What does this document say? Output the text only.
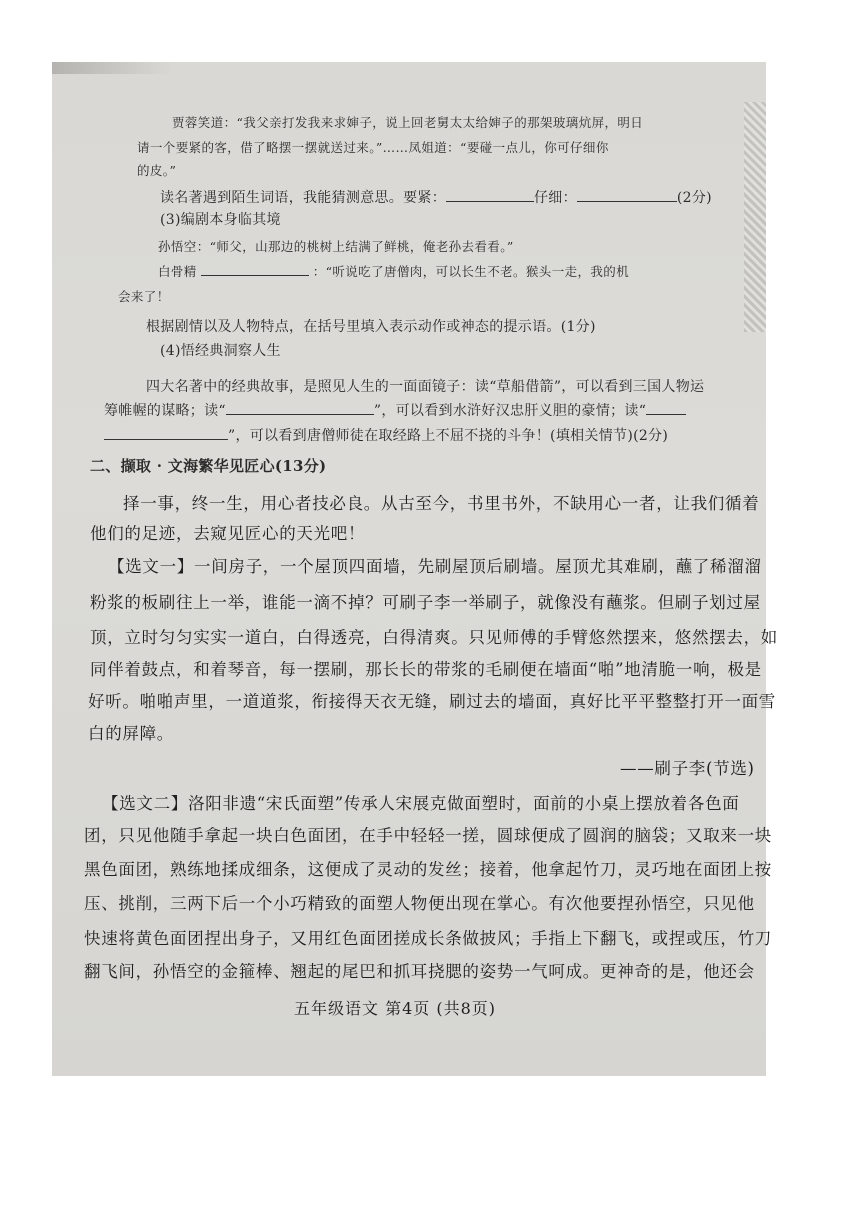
贾蓉笑道：“我父亲打发我来求婶子，说上回老舅太太给婶子的那架玻璃炕屏，明日
请一个要紧的客，借了略摆一摆就送过来。”……凤姐道：“要碰一点儿，你可仔细你
的皮。”
读名著遇到陌生词语，我能猜测意思。要紧：	仔细：	(2分)
(3)编剧本身临其境
孙悟空：“师父，山那边的桃树上结满了鲜桃，俺老孙去看看。”
白骨精	：“听说吃了唐僧肉，可以长生不老。猴头一走，我的机
会来了！
根据剧情以及人物特点，在括号里填入表示动作或神态的提示语。(1分)
(4)悟经典洞察人生
四大名著中的经典故事，是照见人生的一面面镜子：读“草船借箭”，可以看到三国人物运
筹帷幄的谋略；读“	”，可以看到水浒好汉忠肝义胆的豪情；读“
”，可以看到唐僧师徒在取经路上不屈不挠的斗争！(填相关情节)(2分)
二、撷取 · 文海繁华见匠心(13分)
择一事，终一生，用心者技必良。从古至今，书里书外，不缺用心一者，让我们循着
他们的足迹，去窥见匠心的天光吧！
【选文一】一间房子，一个屋顶四面墙，先刷屋顶后刷墙。屋顶尤其难刷，蘸了稀溜溜
粉浆的板刷往上一举，谁能一滴不掉？可刷子李一举刷子，就像没有蘸浆。但刷子划过屋
顶，立时匀匀实实一道白，白得透亮，白得清爽。只见师傅的手臂悠然摆来，悠然摆去，如
同伴着鼓点，和着琴音，每一摆刷，那长长的带浆的毛刷便在墙面“啪”地清脆一响，极是
好听。啪啪声里，一道道浆，衔接得天衣无缝，刷过去的墙面，真好比平平整整打开一面雪
白的屏障。
——刷子李(节选)
【选文二】洛阳非遗“宋氏面塑”传承人宋展克做面塑时，面前的小桌上摆放着各色面
团，只见他随手拿起一块白色面团，在手中轻轻一搓，圆球便成了圆润的脑袋；又取来一块
黑色面团，熟练地揉成细条，这便成了灵动的发丝；接着，他拿起竹刀，灵巧地在面团上按
压、挑削，三两下后一个小巧精致的面塑人物便出现在掌心。有次他要捏孙悟空，只见他
快速将黄色面团捏出身子，又用红色面团搓成长条做披风；手指上下翻飞，或捏或压，竹刀
翻飞间，孙悟空的金箍棒、翘起的尾巴和抓耳挠腮的姿势一气呵成。更神奇的是，他还会
五年级语文 第4页 (共8页)
